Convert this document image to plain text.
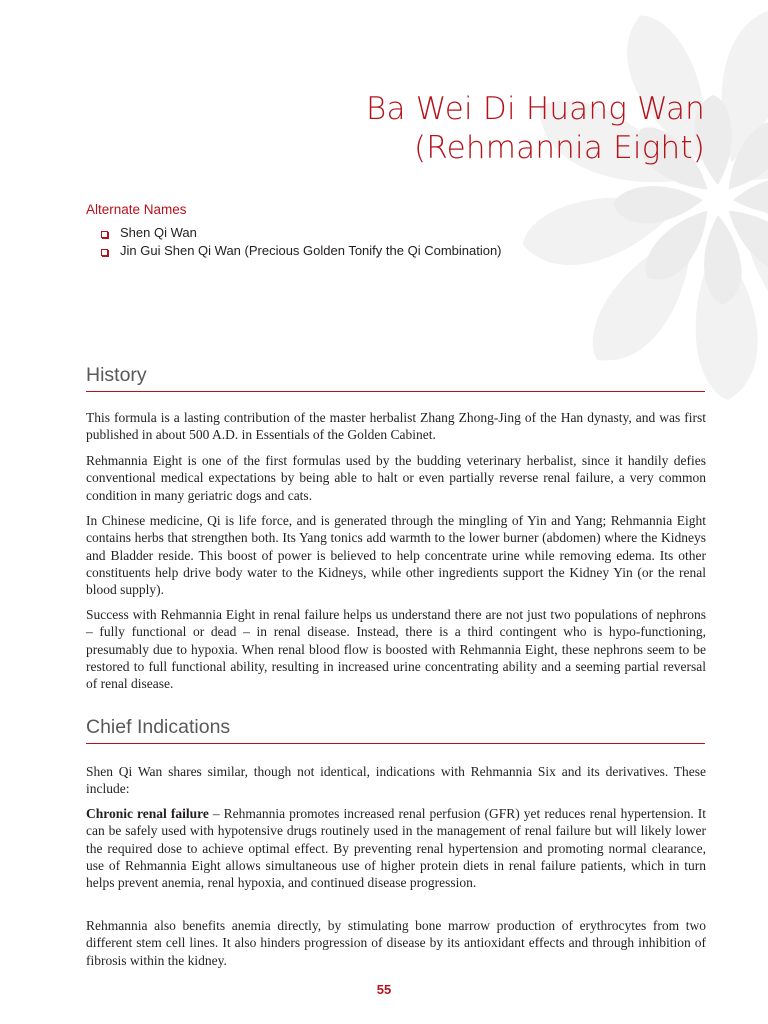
Ba Wei Di Huang Wan
(Rehmannia Eight)
Alternate Names
Shen Qi Wan
Jin Gui Shen Qi Wan (Precious Golden Tonify the Qi Combination)
History

This formula is a lasting contribution of the master herbalist Zhang Zhong-Jing of the Han dynasty, and was first published in about 500 A.D. in Essentials of the Golden Cabinet.

Rehmannia Eight is one of the first formulas used by the budding veterinary herbalist, since it handily defies conventional medical expectations by being able to halt or even partially reverse renal failure, a very common condition in many geriatric dogs and cats.

In Chinese medicine, Qi is life force, and is generated through the mingling of Yin and Yang; Rehmannia Eight contains herbs that strengthen both. Its Yang tonics add warmth to the lower burner (abdomen) where the Kidneys and Bladder reside. This boost of power is believed to help concentrate urine while removing edema. Its other constituents help drive body water to the Kidneys, while other ingredients support the Kidney Yin (or the renal blood supply).

Success with Rehmannia Eight in renal failure helps us understand there are not just two populations of nephrons – fully functional or dead – in renal disease. Instead, there is a third contingent who is hypo-functioning, presumably due to hypoxia. When renal blood flow is boosted with Rehmannia Eight, these nephrons seem to be restored to full functional ability, resulting in increased urine concentrating ability and a seeming partial reversal of renal disease.

Chief Indications

Shen Qi Wan shares similar, though not identical, indications with Rehmannia Six and its derivatives. These include:

Chronic renal failure – Rehmannia promotes increased renal perfusion (GFR) yet reduces renal hypertension. It can be safely used with hypotensive drugs routinely used in the management of renal failure but will likely lower the required dose to achieve optimal effect. By preventing renal hypertension and promoting normal clearance, use of Rehmannia Eight allows simultaneous use of higher protein diets in renal failure patients, which in turn helps prevent anemia, renal hypoxia, and continued disease progression.

Rehmannia also benefits anemia directly, by stimulating bone marrow production of erythrocytes from two different stem cell lines. It also hinders progression of disease by its antioxidant effects and through inhibition of fibrosis within the kidney.

55
